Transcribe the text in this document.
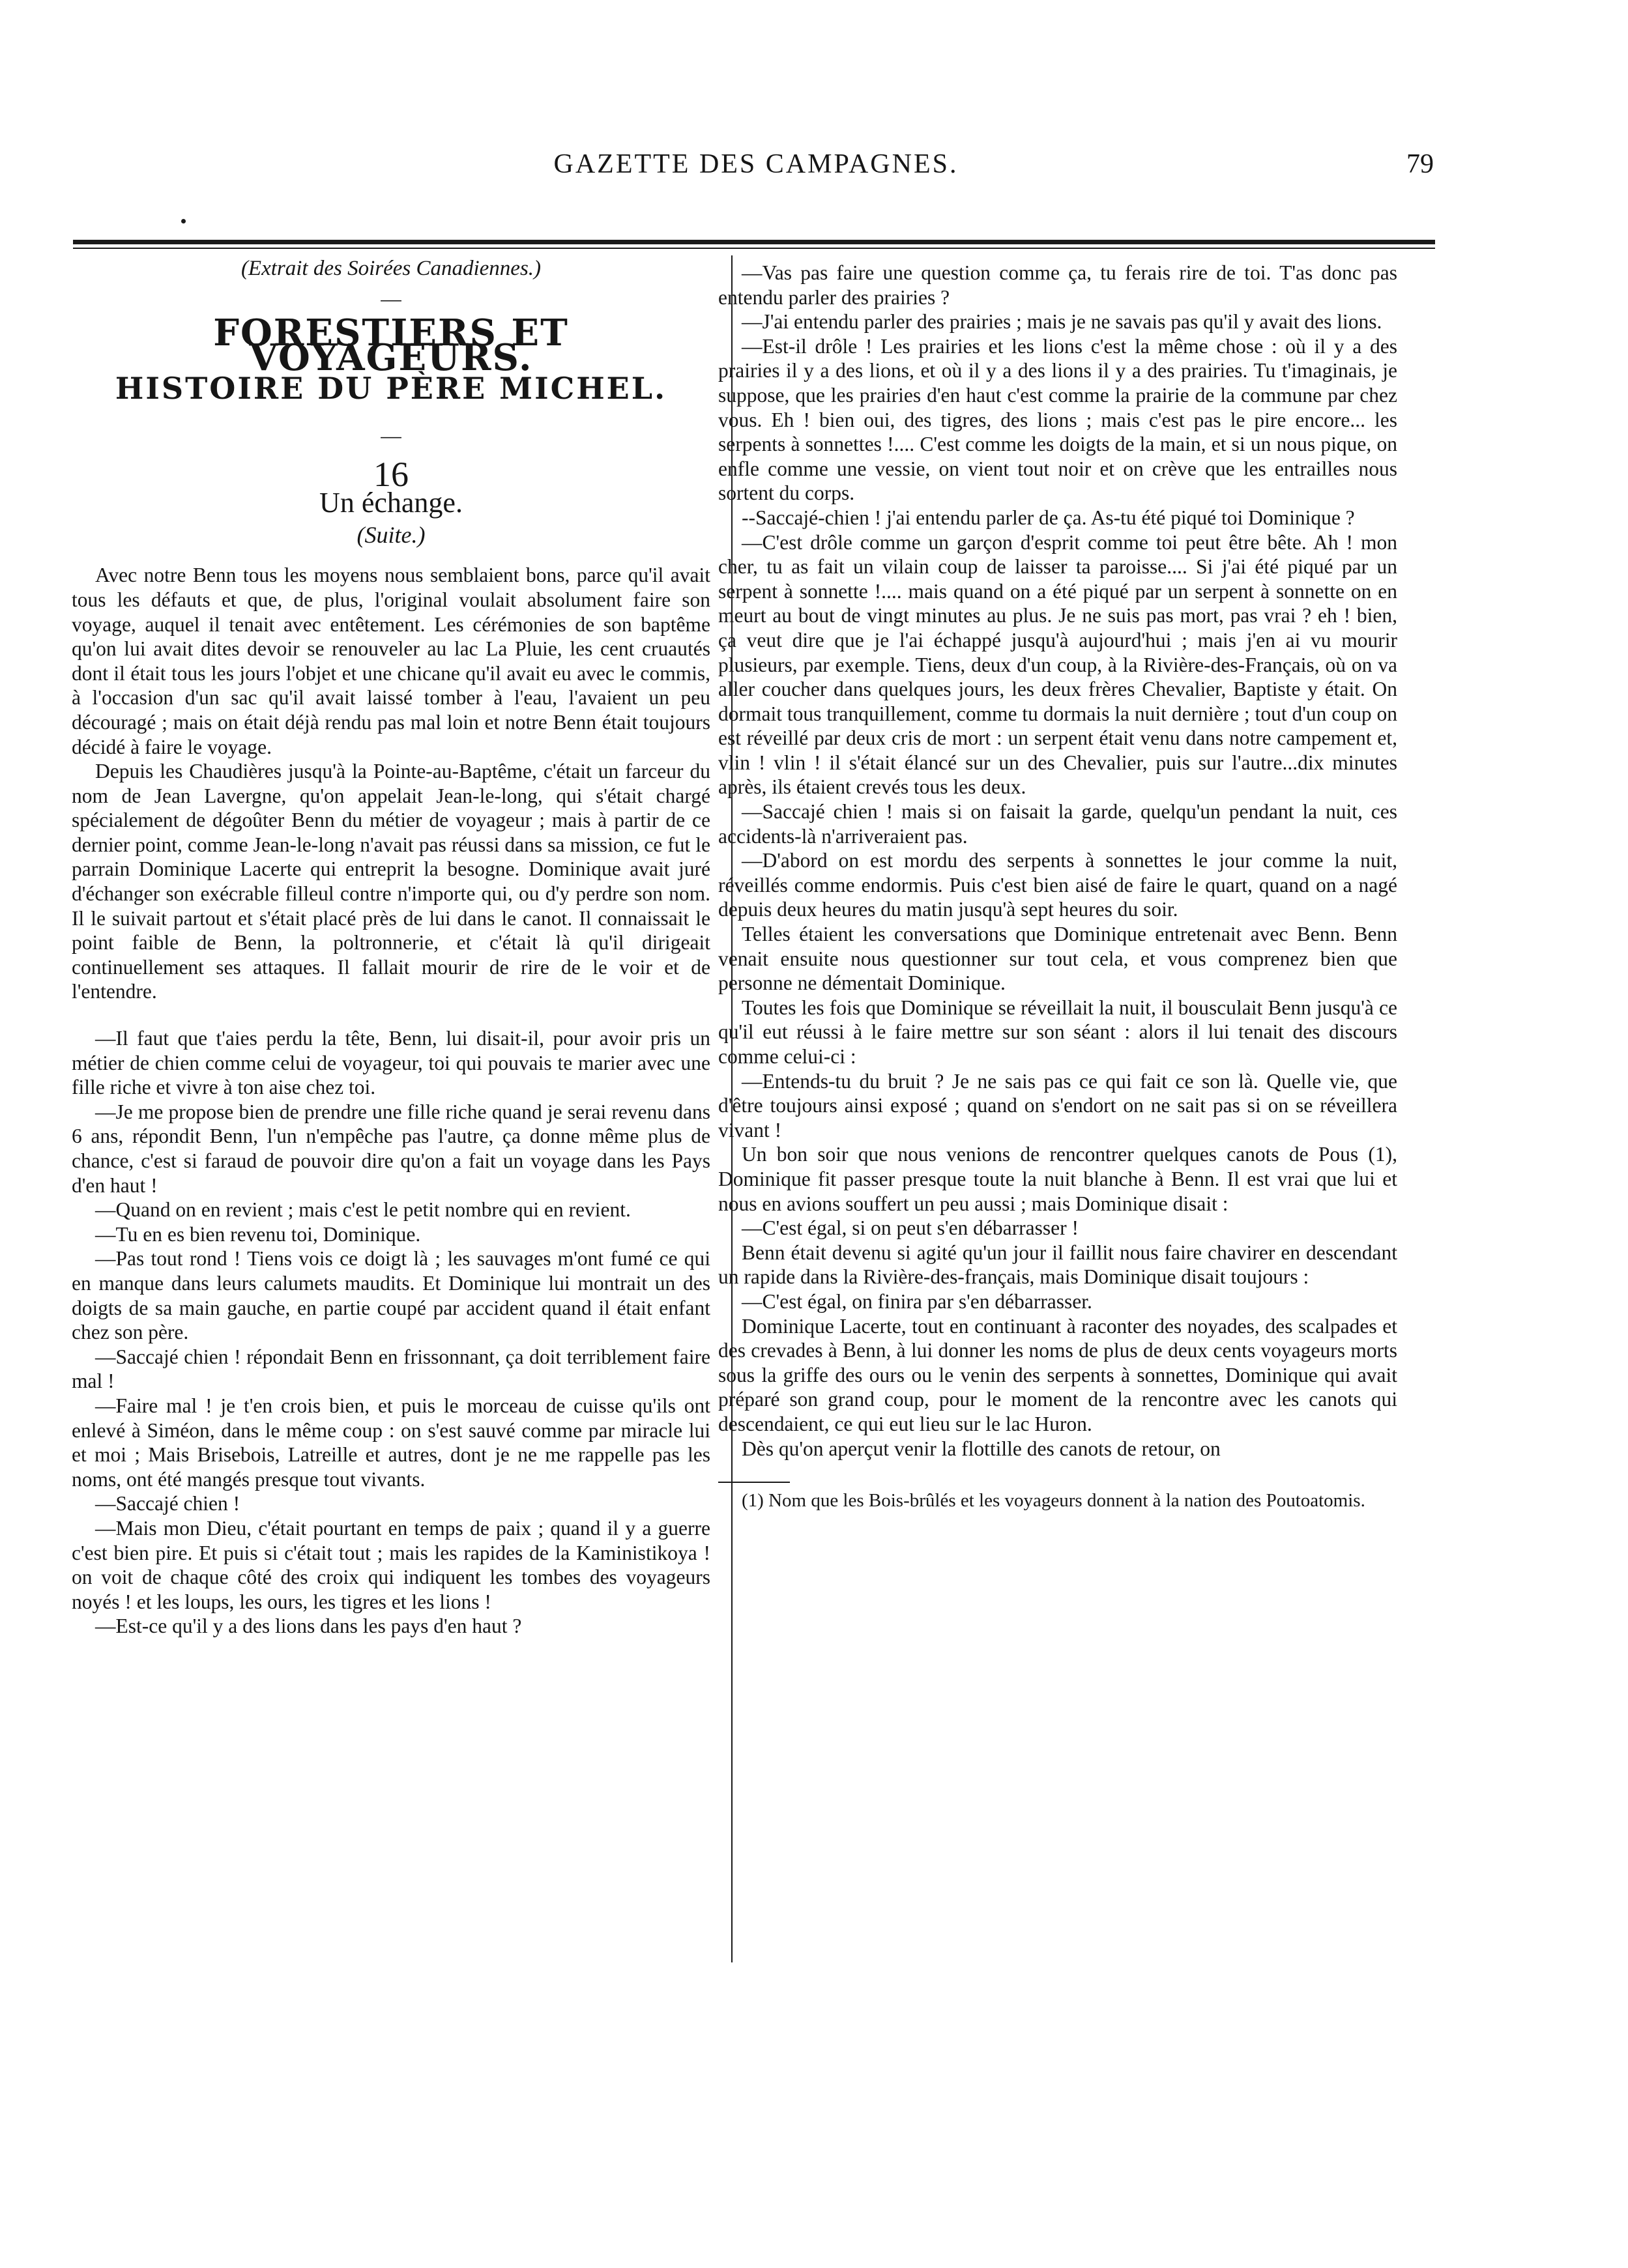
GAZETTE DES CAMPAGNES.	79
(Extrait des Soirées Canadiennes.)
—
FORESTIERS ET VOYAGEURS.
HISTOIRE DU PÈRE MICHEL.
—
16
Un échange.
(Suite.)

Avec notre Benn tous les moyens nous semblaient bons, parce qu'il avait tous les défauts et que, de plus, l'original voulait absolument faire son voyage, auquel il tenait avec entêtement. Les cérémonies de son baptême qu'on lui avait dites devoir se renouveler au lac La Pluie, les cent cruautés dont il était tous les jours l'objet et une chicane qu'il avait eu avec le commis, à l'occasion d'un sac qu'il avait laissé tomber à l'eau, l'avaient un peu découragé ; mais on était déjà rendu pas mal loin et notre Benn était toujours décidé à faire le voyage.

Depuis les Chaudières jusqu'à la Pointe-au-Baptême, c'était un farceur du nom de Jean Lavergne, qu'on appelait Jean-le-long, qui s'était chargé spécialement de dégoûter Benn du métier de voyageur ; mais à partir de ce dernier point, comme Jean-le-long n'avait pas réussi dans sa mission, ce fut le parrain Dominique Lacerte qui entreprit la besogne. Dominique avait juré d'échanger son exécrable filleul contre n'importe qui, ou d'y perdre son nom. Il le suivait partout et s'était placé près de lui dans le canot. Il connaissait le point faible de Benn, la poltronnerie, et c'était là qu'il dirigeait continuellement ses attaques. Il fallait mourir de rire de le voir et de l'entendre.

—Il faut que t'aies perdu la tête, Benn, lui disait-il, pour avoir pris un métier de chien comme celui de voyageur, toi qui pouvais te marier avec une fille riche et vivre à ton aise chez toi.

—Je me propose bien de prendre une fille riche quand je serai revenu dans 6 ans, répondit Benn, l'un n'empêche pas l'autre, ça donne même plus de chance, c'est si faraud de pouvoir dire qu'on a fait un voyage dans les Pays d'en haut !

—Quand on en revient ; mais c'est le petit nombre qui en revient.

—Tu en es bien revenu toi, Dominique.

—Pas tout rond ! Tiens vois ce doigt là ; les sauvages m'ont fumé ce qui en manque dans leurs calumets maudits. Et Dominique lui montrait un des doigts de sa main gauche, en partie coupé par accident quand il était enfant chez son père.

—Saccajé chien ! répondait Benn en frissonnant, ça doit terriblement faire mal !

—Faire mal ! je t'en crois bien, et puis le morceau de cuisse qu'ils ont enlevé à Siméon, dans le même coup : on s'est sauvé comme par miracle lui et moi ; Mais Brisebois, Latreille et autres, dont je ne me rappelle pas les noms, ont été mangés presque tout vivants.

—Saccajé chien !

—Mais mon Dieu, c'était pourtant en temps de paix ; quand il y a guerre c'est bien pire. Et puis si c'était tout ; mais les rapides de la Kaministikoya ! on voit de chaque côté des croix qui indiquent les tombes des voyageurs noyés ! et les loups, les ours, les tigres et les lions !

—Est-ce qu'il y a des lions dans les pays d'en haut ?

—Vas pas faire une question comme ça, tu ferais rire de toi. T'as donc pas entendu parler des prairies ?

—J'ai entendu parler des prairies ; mais je ne savais pas qu'il y avait des lions.

—Est-il drôle ! Les prairies et les lions c'est la même chose : où il y a des prairies il y a des lions, et où il y a des lions il y a des prairies. Tu t'imaginais, je suppose, que les prairies d'en haut c'est comme la prairie de la commune par chez vous. Eh ! bien oui, des tigres, des lions ; mais c'est pas le pire encore... les serpents à sonnettes !.... C'est comme les doigts de la main, et si un nous pique, on enfle comme une vessie, on vient tout noir et on crève que les entrailles nous sortent du corps.

--Saccajé-chien ! j'ai entendu parler de ça. As-tu été piqué toi Dominique ?

—C'est drôle comme un garçon d'esprit comme toi peut être bête. Ah ! mon cher, tu as fait un vilain coup de laisser ta paroisse.... Si j'ai été piqué par un serpent à sonnette !.... mais quand on a été piqué par un serpent à sonnette on en meurt au bout de vingt minutes au plus. Je ne suis pas mort, pas vrai ? eh ! bien, ça veut dire que je l'ai échappé jusqu'à aujourd'hui ; mais j'en ai vu mourir plusieurs, par exemple. Tiens, deux d'un coup, à la Rivière-des-Français, où on va aller coucher dans quelques jours, les deux frères Chevalier, Baptiste y était. On dormait tous tranquillement, comme tu dormais la nuit dernière ; tout d'un coup on est réveillé par deux cris de mort : un serpent était venu dans notre campement et, vlin ! vlin ! il s'était élancé sur un des Chevalier, puis sur l'autre...dix minutes après, ils étaient crevés tous les deux.

—Saccajé chien ! mais si on faisait la garde, quelqu'un pendant la nuit, ces accidents-là n'arriveraient pas.

—D'abord on est mordu des serpents à sonnettes le jour comme la nuit, réveillés comme endormis. Puis c'est bien aisé de faire le quart, quand on a nagé depuis deux heures du matin jusqu'à sept heures du soir.

Telles étaient les conversations que Dominique entretenait avec Benn. Benn venait ensuite nous questionner sur tout cela, et vous comprenez bien que personne ne démentait Dominique.

Toutes les fois que Dominique se réveillait la nuit, il bousculait Benn jusqu'à ce qu'il eut réussi à le faire mettre sur son séant : alors il lui tenait des discours comme celui-ci :

—Entends-tu du bruit ? Je ne sais pas ce qui fait ce son là. Quelle vie, que d'être toujours ainsi exposé ; quand on s'endort on ne sait pas si on se réveillera vivant !

Un bon soir que nous venions de rencontrer quelques canots de Pous (1), Dominique fit passer presque toute la nuit blanche à Benn. Il est vrai que lui et nous en avions souffert un peu aussi ; mais Dominique disait :

—C'est égal, si on peut s'en débarrasser !

Benn était devenu si agité qu'un jour il faillit nous faire chavirer en descendant un rapide dans la Rivière-des-français, mais Dominique disait toujours :

—C'est égal, on finira par s'en débarrasser.

Dominique Lacerte, tout en continuant à raconter des noyades, des scalpades et des crevades à Benn, à lui donner les noms de plus de deux cents voyageurs morts sous la griffe des ours ou le venin des serpents à sonnettes, Dominique qui avait préparé son grand coup, pour le moment de la rencontre avec les canots qui descendaient, ce qui eut lieu sur le lac Huron.

Dès qu'on aperçut venir la flottille des canots de retour, on

(1) Nom que les Bois-brûlés et les voyageurs donnent à la nation des Poutoatomis.
